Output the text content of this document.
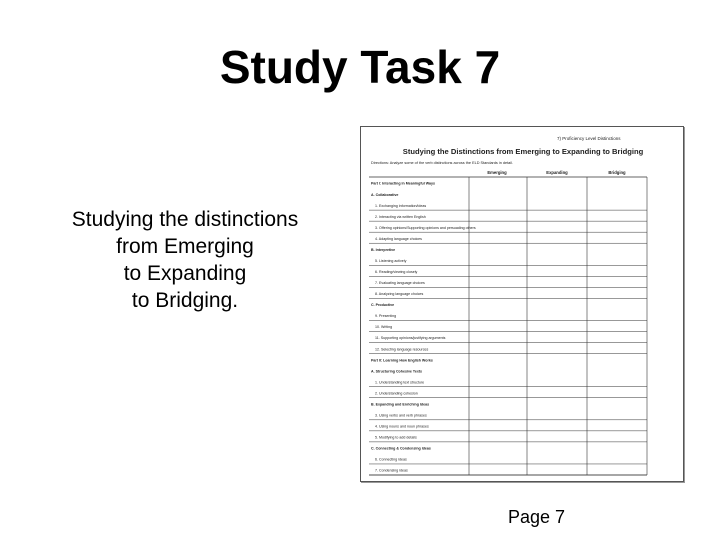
Study Task 7
Studying the distinctions
from Emerging
to Expanding
to Bridging.
7) Proficiency Level Distinctions
Studying the Distinctions from Emerging to Expanding to Bridging
Directions: Analyze some of the verb distinctions across the ELD Standards in detail.
Emerging	Expanding	Bridging
Part I: Interacting in Meaningful Ways
A. Collaborative
1. Exchanging information/ideas
2. Interacting via written English
3. Offering opinions/Supporting opinions and persuading others
4. Adapting language choices
B. Interpretive
5. Listening actively
6. Reading/viewing closely
7. Evaluating language choices
8. Analyzing language choices
C. Productive
9. Presenting
10. Writing
11. Supporting opinions/justifying arguments
12. Selecting language resources
Part II: Learning How English Works
A. Structuring Cohesive Texts
1. Understanding text structure
2. Understanding cohesion
B. Expanding and Enriching Ideas
3. Using verbs and verb phrases
4. Using nouns and noun phrases
5. Modifying to add details
C. Connecting & Condensing Ideas
6. Connecting ideas
7. Condensing ideas
Page 7
